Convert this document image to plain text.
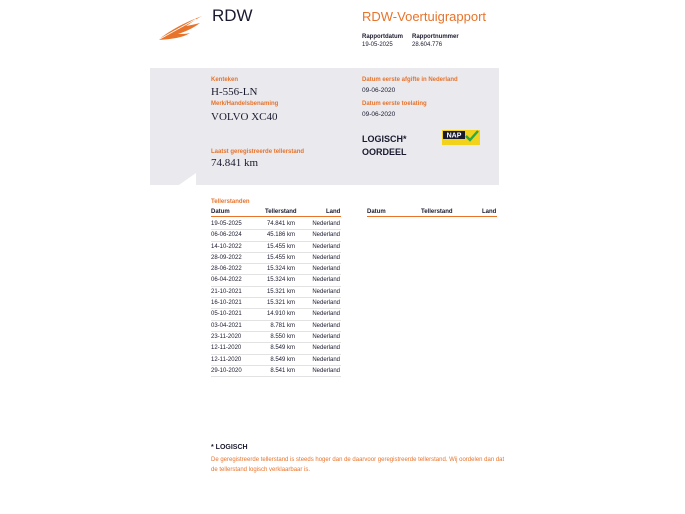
RDW	RDW-Voertuigrapport
Rapportdatum
19-05-2025
Rapportnummer
28.604.776
Kenteken
H-556-LN
Merk/Handelsbenaming
VOLVO XC40
Laatst geregistreerde tellerstand
74.841 km
Datum eerste afgifte in Nederland
09-06-2020
Datum eerste toelating
09-06-2020
LOGISCH*
OORDEEL
NAP
Tellerstanden
Datum	Tellerstand	Land	Datum	Tellerstand	Land
19-05-2025	74.841 km	Nederland
06-06-2024	45.186 km	Nederland
14-10-2022	15.455 km	Nederland
28-09-2022	15.455 km	Nederland
28-06-2022	15.324 km	Nederland
06-04-2022	15.324 km	Nederland
21-10-2021	15.321 km	Nederland
16-10-2021	15.321 km	Nederland
05-10-2021	14.910 km	Nederland
03-04-2021	8.781 km	Nederland
23-11-2020	8.550 km	Nederland
12-11-2020	8.549 km	Nederland
12-11-2020	8.549 km	Nederland
29-10-2020	8.541 km	Nederland
* LOGISCH
De geregistreerde tellerstand is steeds hoger dan de daarvoor geregistreerde tellerstand. Wij oordelen dan dat de tellerstand logisch verklaarbaar is.
